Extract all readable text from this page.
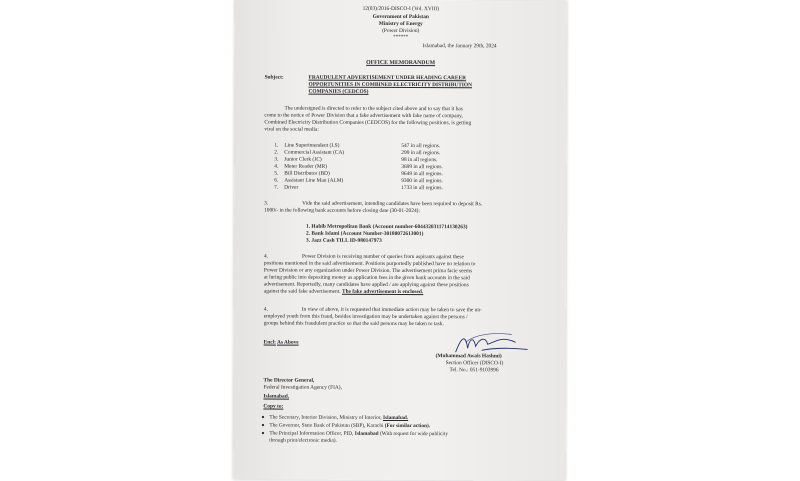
12(03)/2016-DISCO-I (Vol. XVIII)
Government of Pakistan
Ministry of Energy
(Power Division)
******
Islamabad, the January 29th, 2024
OFFICE MEMORANDUM
Subject:	FRAUDULENT ADVERTISEMENT UNDER HEADING CAREER
OPPORTUNITIES IN COMBINED ELECTRICITY DISTRIBUTION
COMPANIES (CEDCOS)
The undersigned is directed to refer to the subject cited above and to say that it has
come to the notice of Power Division that a fake advertisement with fake name of company,
Combined Electricity Distribution Companies (CEDCOS) for the following positions, is getting
viral on the social media:
1. Line Superintendent (LS)	547 in all regions.
2. Commercial Assistant (CA)	299 in all regions.
3. Junior Clerk (JC)	98 in all regions.
4. Meter Reader (MR)	3699 in all regions.
5. Bill Distributor (BD)	9649 in all regions.
6. Assistant Line Man (ALM)	9300 in all regions.
7. Driver	1733 in all regions.
3.	Vide the said advertisement, intending candidates have been required to deposit Rs.
1000/- in the following bank accounts before closing date (30-01-2024):
1. Habib Metropolitan Bank (Account number-6044320311714130263)
2. Bank Islami (Account Number-30180072613001)
3. Jazz Cash TILL ID-980147973
4.	Power Division is receiving number of queries from aspirants against these
positions mentioned in the said advertisement. Positions purportedly published have no relation to
Power Division or any organization under Power Division. The advertisement prima facie seems
at luring public into depositing money as application fees in the given bank accounts in the said
advertisement. Reportedly, many candidates have applied / are applying against these positions
against the said fake advertisement. The fake advertisement is enclosed.
4.	In view of above, it is requested that immediate action may be taken to save the un-
employed youth from this fraud, besides investigation may be undertaken against the persons /
groups behind this fraudulent practice so that the said persons may be taken to task.
Encl: As Above
(Muhammad Awais Hashmi)
Section Officer (DISCO-I)
Tel. No.: 051-9103996
The Director General,
Federal Investigation Agency (FIA),
Islamabad.
Copy to:
● The Secretary, Interior Division, Ministry of Interior, Islamabad.
● The Governor, State Bank of Pakistan (SBP), Karachi (For similar action).
● The Principal Information Officer, PID, Islamabad (With request for wide publicity
through print/electronic media).
